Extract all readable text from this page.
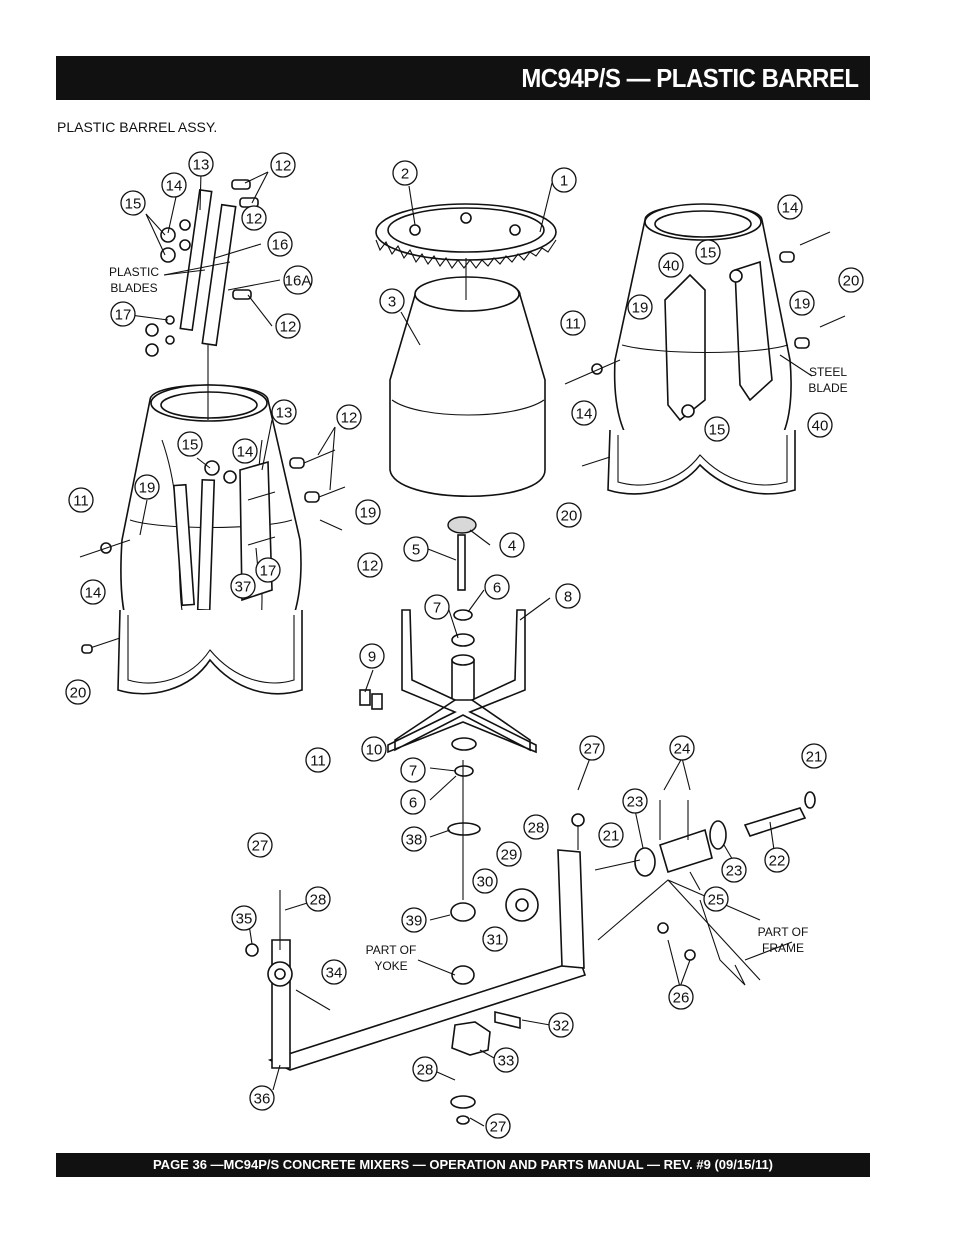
MC94P/S — PLASTIC BARREL
PLASTIC BARREL ASSY.
PLASTIC
BLADES
STEEL
BLADE
PART OF
YOKE
PART OF
FRAME
13	12
14
15
12
16
16A
17
12
2	1
3
14
15
40
20
19
19
11
14
15	40
20
13	12
15	14
19
11
19
12
14	37
17
20
4
5
6
7
8
9
11
10
7
6
38
27	24	21
23
28	21
22
23
29
25
30
27
28
35	39
31
34
26
32
33
28
36
27
PAGE 36 —MC94P/S CONCRETE MIXERS — OPERATION AND PARTS MANUAL — REV. #9 (09/15/11)
